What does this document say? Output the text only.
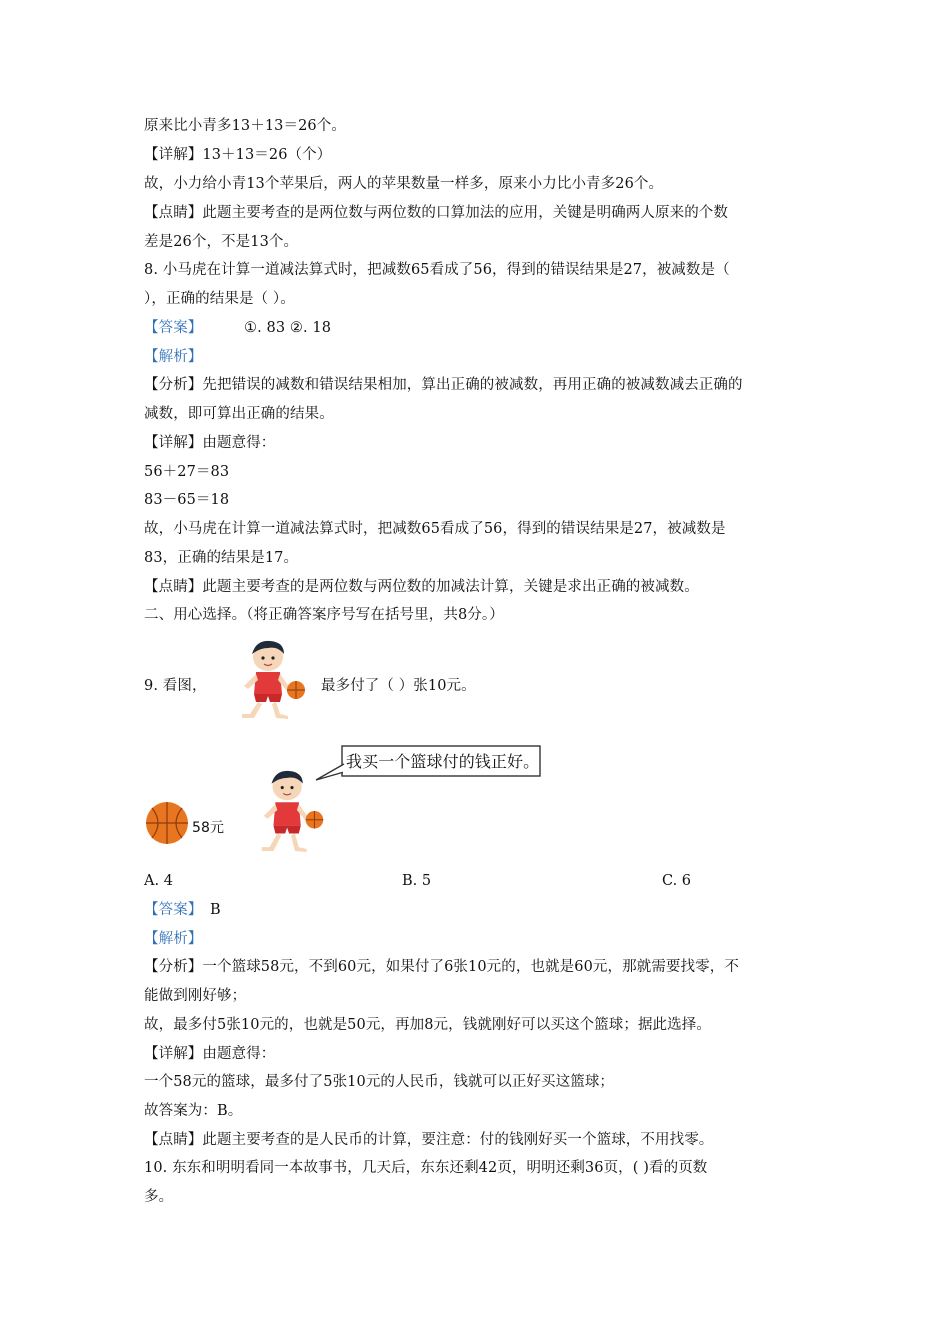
原来比小青多13＋13＝26个。
【详解】13＋13＝26（个）
故，小力给小青13个苹果后，两人的苹果数量一样多，原来小力比小青多26个。
【点睛】此题主要考查的是两位数与两位数的口算加法的应用，关键是明确两人原来的个数
差是26个，不是13个。
8. 小马虎在计算一道减法算式时，把减数65看成了56，得到的错误结果是27，被减数是（
），正确的结果是（ ）。
【答案】	①. 83 ②. 18
【解析】
【分析】先把错误的减数和错误结果相加，算出正确的被减数，再用正确的被减数减去正确的
减数，即可算出正确的结果。
【详解】由题意得：
56＋27＝83
83－65＝18
故，小马虎在计算一道减法算式时，把减数65看成了56，得到的错误结果是27，被减数是
83，正确的结果是17。
【点睛】此题主要考查的是两位数与两位数的加减法计算，关键是求出正确的被减数。
二、用心选择。（将正确答案序号写在括号里，共8分。）
9. 看图，	最多付了（ ）张10元。
58元
我买一个篮球付的钱正好。
A. 4	B. 5	C. 6
【答案】 B
【解析】
【分析】一个篮球58元，不到60元，如果付了6张10元的，也就是60元，那就需要找零，不
能做到刚好够；
故，最多付5张10元的，也就是50元，再加8元，钱就刚好可以买这个篮球；据此选择。
【详解】由题意得：
一个58元的篮球，最多付了5张10元的人民币，钱就可以正好买这篮球；
故答案为：B。
【点睛】此题主要考查的是人民币的计算，要注意：付的钱刚好买一个篮球，不用找零。
10. 东东和明明看同一本故事书，几天后，东东还剩42页，明明还剩36页，( )看的页数
多。
